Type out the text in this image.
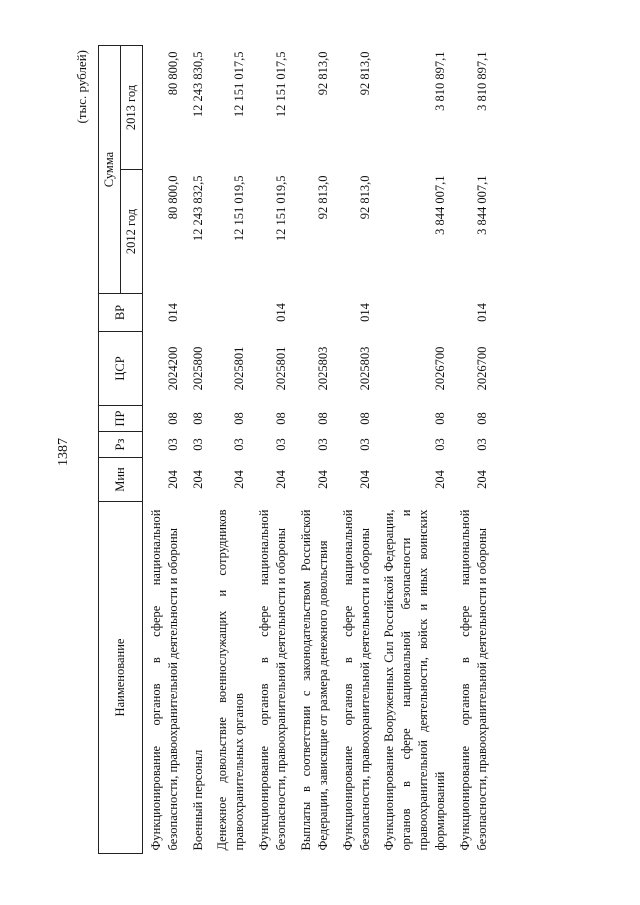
1387
(тыс. рублей)
Наименование	Мин	Рз	ПР	ЦСР	ВР	Сумма	
						2012 год	2013 год
Функционирование органов в сфере национальной безопасности, правоохранительной деятельности и обороны	204	03	08	2024200	014	80 800,0	80 800,0
Военный персонал	204	03	08	2025800		12 243 832,5	12 243 830,5
Денежное довольствие военнослужащих и сотрудников правоохранительных органов	204	03	08	2025801		12 151 019,5	12 151 017,5
Функционирование органов в сфере национальной безопасности, правоохранительной деятельности и обороны	204	03	08	2025801	014	12 151 019,5	12 151 017,5
Выплаты в соответствии с законодательством Российской Федерации, зависящие от размера денежного довольствия	204	03	08	2025803		92 813,0	92 813,0
Функционирование органов в сфере национальной безопасности, правоохранительной деятельности и обороны	204	03	08	2025803	014	92 813,0	92 813,0
Функционирование Вооруженных Сил Российской Федерации, органов в сфере национальной безопасности и правоохранительной деятельности, войск и иных воинских формирований	204	03	08	2026700		3 844 007,1	3 810 897,1
Функционирование органов в сфере национальной безопасности, правоохранительной деятельности и обороны	204	03	08	2026700	014	3 844 007,1	3 810 897,1
